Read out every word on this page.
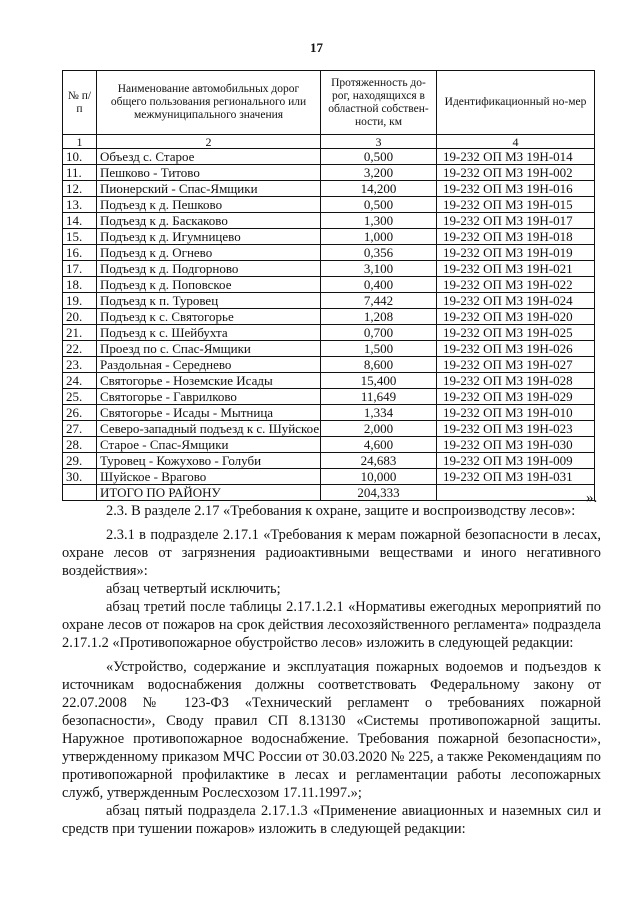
17
№ п/п	Наименование автомобильных дорог общего пользования регионального или межмуниципального значения	Протяженность до-рог, находящихся в областной собствен-ности, км	Идентификационный но-мер
1	2	3	4
10.	Объезд с. Старое	0,500	19-232 ОП МЗ 19Н-014
11.	Пешково - Титово	3,200	19-232 ОП МЗ 19Н-002
12.	Пионерский - Спас-Ямщики	14,200	19-232 ОП МЗ 19Н-016
13.	Подъезд к д. Пешково	0,500	19-232 ОП МЗ 19Н-015
14.	Подъезд к д. Баскаково	1,300	19-232 ОП МЗ 19Н-017
15.	Подъезд к д. Игумницево	1,000	19-232 ОП МЗ 19Н-018
16.	Подъезд к д. Огнево	0,356	19-232 ОП МЗ 19Н-019
17.	Подъезд к д. Подгорново	3,100	19-232 ОП МЗ 19Н-021
18.	Подъезд к д. Поповское	0,400	19-232 ОП МЗ 19Н-022
19.	Подъезд к п. Туровец	7,442	19-232 ОП МЗ 19Н-024
20.	Подъезд к с. Святогорье	1,208	19-232 ОП МЗ 19Н-020
21.	Подъезд к с. Шейбухта	0,700	19-232 ОП МЗ 19Н-025
22.	Проезд по с. Спас-Ямщики	1,500	19-232 ОП МЗ 19Н-026
23.	Раздольная - Середнево	8,600	19-232 ОП МЗ 19Н-027
24.	Святогорье - Ноземские Исады	15,400	19-232 ОП МЗ 19Н-028
25.	Святогорье - Гаврилково	11,649	19-232 ОП МЗ 19Н-029
26.	Святогорье - Исады - Мытница	1,334	19-232 ОП МЗ 19Н-010
27.	Северо-западный подъезд к с. Шуйское	2,000	19-232 ОП МЗ 19Н-023
28.	Старое - Спас-Ямщики	4,600	19-232 ОП МЗ 19Н-030
29.	Туровец - Кожухово - Голуби	24,683	19-232 ОП МЗ 19Н-009
30.	Шуйское - Врагово	10,000	19-232 ОП МЗ 19Н-031
	ИТОГО ПО РАЙОНУ	204,333		».

2.3. В разделе 2.17 «Требования к охране, защите и воспроизводству лесов»:

2.3.1 в подразделе 2.17.1 «Требования к мерам пожарной безопасности в лесах, охране лесов от загрязнения радиоактивными веществами и иного негативного воздействия»:

абзац четвертый исключить;

абзац третий после таблицы 2.17.1.2.1 «Нормативы ежегодных мероприятий по охране лесов от пожаров на срок действия лесохозяйственного регламента» подраздела 2.17.1.2 «Противопожарное обустройство лесов» изложить в следующей редакции:

«Устройство, содержание и эксплуатация пожарных водоемов и подъездов к источникам водоснабжения должны соответствовать Федеральному закону от 22.07.2008 № 123-ФЗ «Технический регламент о требованиях пожарной безопасности», Своду правил СП 8.13130 «Системы противопожарной защиты. Наружное противопожарное водоснабжение. Требования пожарной безопасности», утвержденному приказом МЧС России от 30.03.2020 № 225, а также Рекомендациям по противопожарной профилактике в лесах и регламентации работы лесопожарных служб, утвержденным Рослесхозом 17.11.1997.»;

абзац пятый подраздела 2.17.1.3 «Применение авиационных и наземных сил и средств при тушении пожаров» изложить в следующей редакции:
